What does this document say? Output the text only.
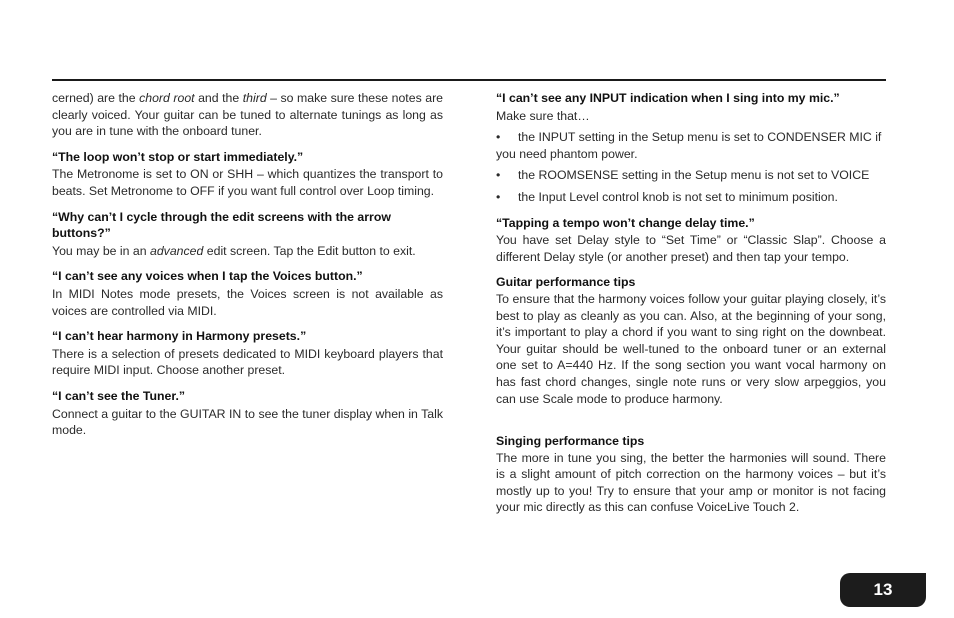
cerned) are the chord root and the third – so make sure these notes are clearly voiced. Your guitar can be tuned to alternate tunings as long as you are in tune with the onboard tuner.

“The loop won’t stop or start immediately.”

The Metronome is set to ON or SHH – which quantizes the transport to beats. Set Metronome to OFF if you want full control over Loop timing.

“Why can’t I cycle through the edit screens with the arrow buttons?”

You may be in an advanced edit screen. Tap the Edit button to exit.

“I can’t see any voices when I tap the Voices button.”

In MIDI Notes mode presets, the Voices screen is not available as voices are controlled via MIDI.

“I can’t hear harmony in Harmony presets.”

There is a selection of presets dedicated to MIDI keyboard players that require MIDI input. Choose another preset.

“I can’t see the Tuner.”

Connect a guitar to the GUITAR IN to see the tuner display when in Talk mode.

“I can’t see any INPUT indication when I sing into my mic.”

Make sure that…

• the INPUT setting in the Setup menu is set to CONDENSER MIC if you need phantom power.
•	the ROOMSENSE setting in the Setup menu is not set to VOICE
•	the Input Level control knob is not set to minimum position.
“Tapping a tempo won’t change delay time.”

You have set Delay style to “Set Time” or “Classic Slap”. Choose a different Delay style (or another preset) and then tap your tempo.

Guitar performance tips

To ensure that the harmony voices follow your guitar playing closely, it’s best to play as cleanly as you can. Also, at the beginning of your song, it’s important to play a chord if you want to sing right on the downbeat. Your guitar should be well-tuned to the onboard tuner or an external one set to A=440 Hz. If the song section you want vocal harmony on has fast chord changes, single note runs or very slow arpeggios, you can use Scale mode to produce harmony.

Singing performance tips

The more in tune you sing, the better the harmonies will sound. There is a slight amount of pitch correction on the harmony voices – but it’s mostly up to you! Try to ensure that your amp or monitor is not facing your mic directly as this can confuse VoiceLive Touch 2.

13
